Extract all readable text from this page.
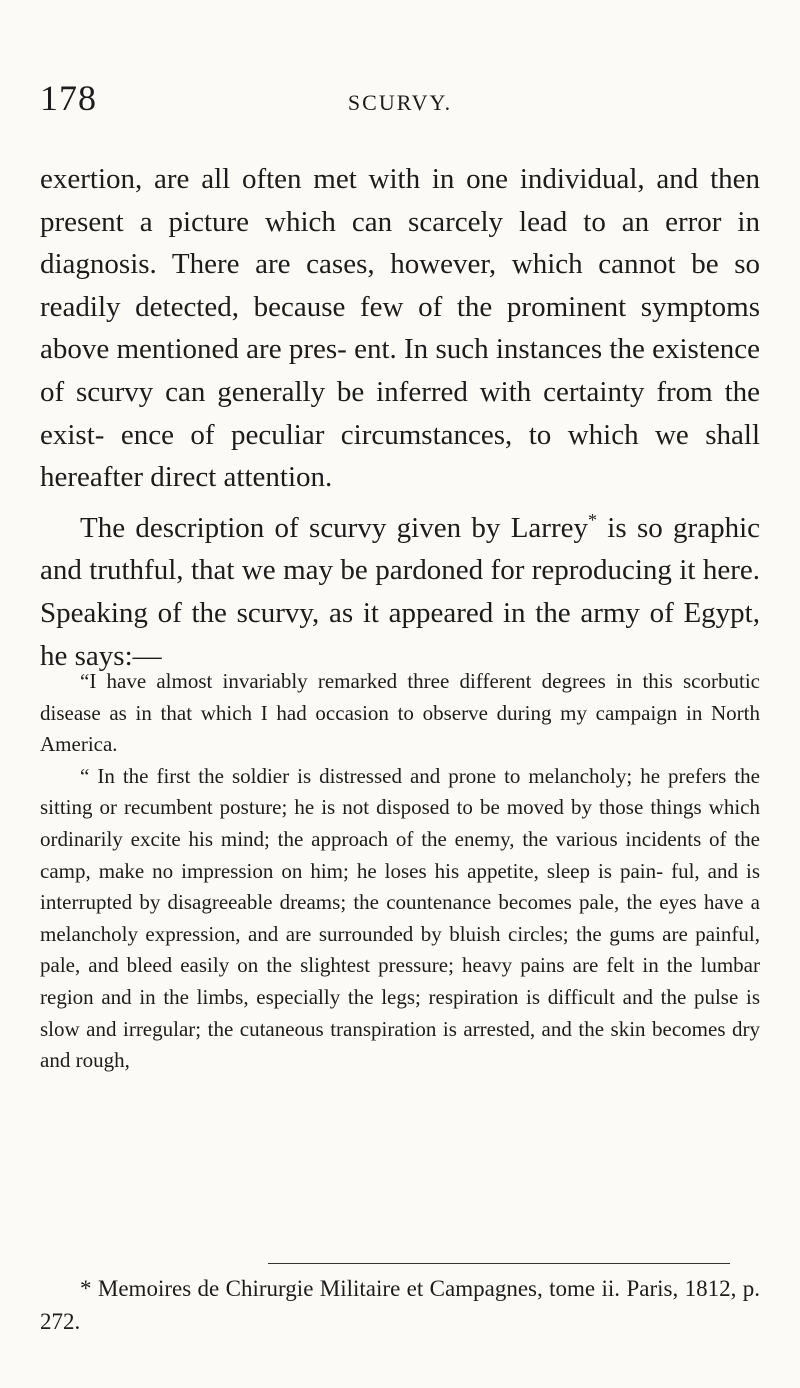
178	SCURVY.

exertion, are all often met with in one individual, and then present a picture which can scarcely lead to an error in diagnosis. There are cases, however, which cannot be so readily detected, because few of the prominent symptoms above mentioned are pres- ent. In such instances the existence of scurvy can generally be inferred with certainty from the exist- ence of peculiar circumstances, to which we shall hereafter direct attention.

The description of scurvy given by Larrey* is so graphic and truthful, that we may be pardoned for reproducing it here. Speaking of the scurvy, as it appeared in the army of Egypt, he says:—

“I have almost invariably remarked three different degrees in this scorbutic disease as in that which I had occasion to observe during my campaign in North America.

“ In the first the soldier is distressed and prone to melancholy; he prefers the sitting or recumbent posture; he is not disposed to be moved by those things which ordinarily excite his mind; the approach of the enemy, the various incidents of the camp, make no impression on him; he loses his appetite, sleep is pain- ful, and is interrupted by disagreeable dreams; the countenance becomes pale, the eyes have a melancholy expression, and are surrounded by bluish circles; the gums are painful, pale, and bleed easily on the slightest pressure; heavy pains are felt in the lumbar region and in the limbs, especially the legs; respiration is difficult and the pulse is slow and irregular; the cutaneous transpiration is arrested, and the skin becomes dry and rough,

* Memoires de Chirurgie Militaire et Campagnes, tome ii. Paris, 1812, p. 272.
